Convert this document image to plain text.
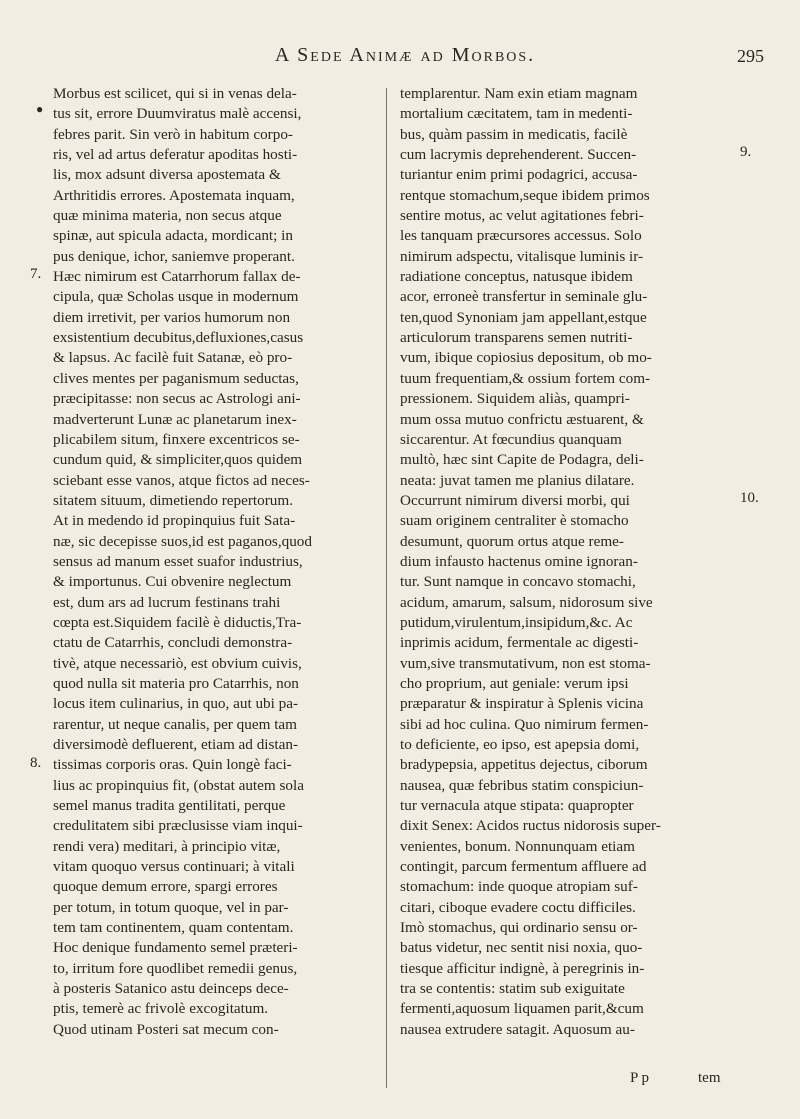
A Sede Animæ ad Morbos.	295
●
7.
8.
9.
10.
Morbus est scilicet, qui si in venas dela-
tus sit, errore Duumviratus malè accensi,
febres parit. Sin verò in habitum corpo-
ris, vel ad artus deferatur apoditas hosti-
lis, mox adsunt diversa apostemata &
Arthritidis errores. Apostemata inquam,
quæ minima materia, non secus atque
spinæ, aut spicula adacta, mordicant; in
pus denique, ichor, saniemve properant.
Hæc nimirum est Catarrhorum fallax de-
cipula, quæ Scholas usque in modernum
diem irretivit, per varios humorum non
exsistentium decubitus,defluxiones,casus
& lapsus. Ac facilè fuit Satanæ, eò pro-
clives mentes per paganismum seductas,
præcipitasse: non secus ac Astrologi ani-
madverterunt Lunæ ac planetarum inex-
plicabilem situm, finxere excentricos se-
cundum quid, & simpliciter,quos quidem
sciebant esse vanos, atque fictos ad neces-
sitatem situum, dimetiendo repertorum.
At in medendo id propinquius fuit Sata-
næ, sic decepisse suos,id est paganos,quod
sensus ad manum esset suafor industrius,
& importunus. Cui obvenire neglectum
est, dum ars ad lucrum festinans trahi
cœpta est.Siquidem facilè è diductis,Tra-
ctatu de Catarrhis, concludi demonstra-
tivè, atque necessariò, est obvium cuivis,
quod nulla sit materia pro Catarrhis, non
locus item culinarius, in quo, aut ubi pa-
rarentur, ut neque canalis, per quem tam
diversimodè defluerent, etiam ad distan-
tissimas corporis oras. Quin longè faci-
lius ac propinquius fit, (obstat autem sola
semel manus tradita gentilitati, perque
credulitatem sibi præclusisse viam inqui-
rendi vera) meditari, à principio vitæ,
vitam quoquo versus continuari; à vitali
quoque demum errore, spargi errores
per totum, in totum quoque, vel in par-
tem tam continentem, quam contentam.
Hoc denique fundamento semel præteri-
to, irritum fore quodlibet remedii genus,
à posteris Satanico astu deinceps dece-
ptis, temerè ac frivolè excogitatum.
Quod utinam Posteri sat mecum con-
templarentur. Nam exin etiam magnam
mortalium cæcitatem, tam in medenti-
bus, quàm passim in medicatis, facilè
cum lacrymis deprehenderent. Succen-
turiantur enim primi podagrici, accusa-
rentque stomachum,seque ibidem primos
sentire motus, ac velut agitationes febri-
les tanquam præcursores accessus. Solo
nimirum adspectu, vitalisque luminis ir-
radiatione conceptus, natusque ibidem
acor, erroneè transfertur in seminale glu-
ten,quod Synoniam jam appellant,estque
articulorum transparens semen nutriti-
vum, ibique copiosius depositum, ob mo-
tuum frequentiam,& ossium fortem com-
pressionem. Siquidem aliàs, quampri-
mum ossa mutuo confrictu æstuarent, &
siccarentur. At fœcundius quanquam
multò, hæc sint Capite de Podagra, deli-
neata: juvat tamen me planius dilatare.
Occurrunt nimirum diversi morbi, qui
suam originem centraliter è stomacho
desumunt, quorum ortus atque reme-
dium infausto hactenus omine ignoran-
tur. Sunt namque in concavo stomachi,
acidum, amarum, salsum, nidorosum sive
putidum,virulentum,insipidum,&c. Ac
inprimis acidum, fermentale ac digesti-
vum,sive transmutativum, non est stoma-
cho proprium, aut geniale: verum ipsi
præparatur & inspiratur à Splenis vicina
sibi ad hoc culina. Quo nimirum fermen-
to deficiente, eo ipso, est apepsia domi,
bradypepsia, appetitus dejectus, ciborum
nausea, quæ febribus statim conspiciun-
tur vernacula atque stipata: quapropter
dixit Senex: Acidos ructus nidorosis super-
venientes, bonum. Nonnunquam etiam
contingit, parcum fermentum affluere ad
stomachum: inde quoque atropiam suf-
citari, ciboque evadere coctu difficiles.
Imò stomachus, qui ordinario sensu or-
batus videtur, nec sentit nisi noxia, quo-
tiesque afficitur indignè, à peregrinis in-
tra se contentis: statim sub exiguitate
fermenti,aquosum liquamen parit,&cum
nausea extrudere satagit. Aquosum au-
P p	tem
